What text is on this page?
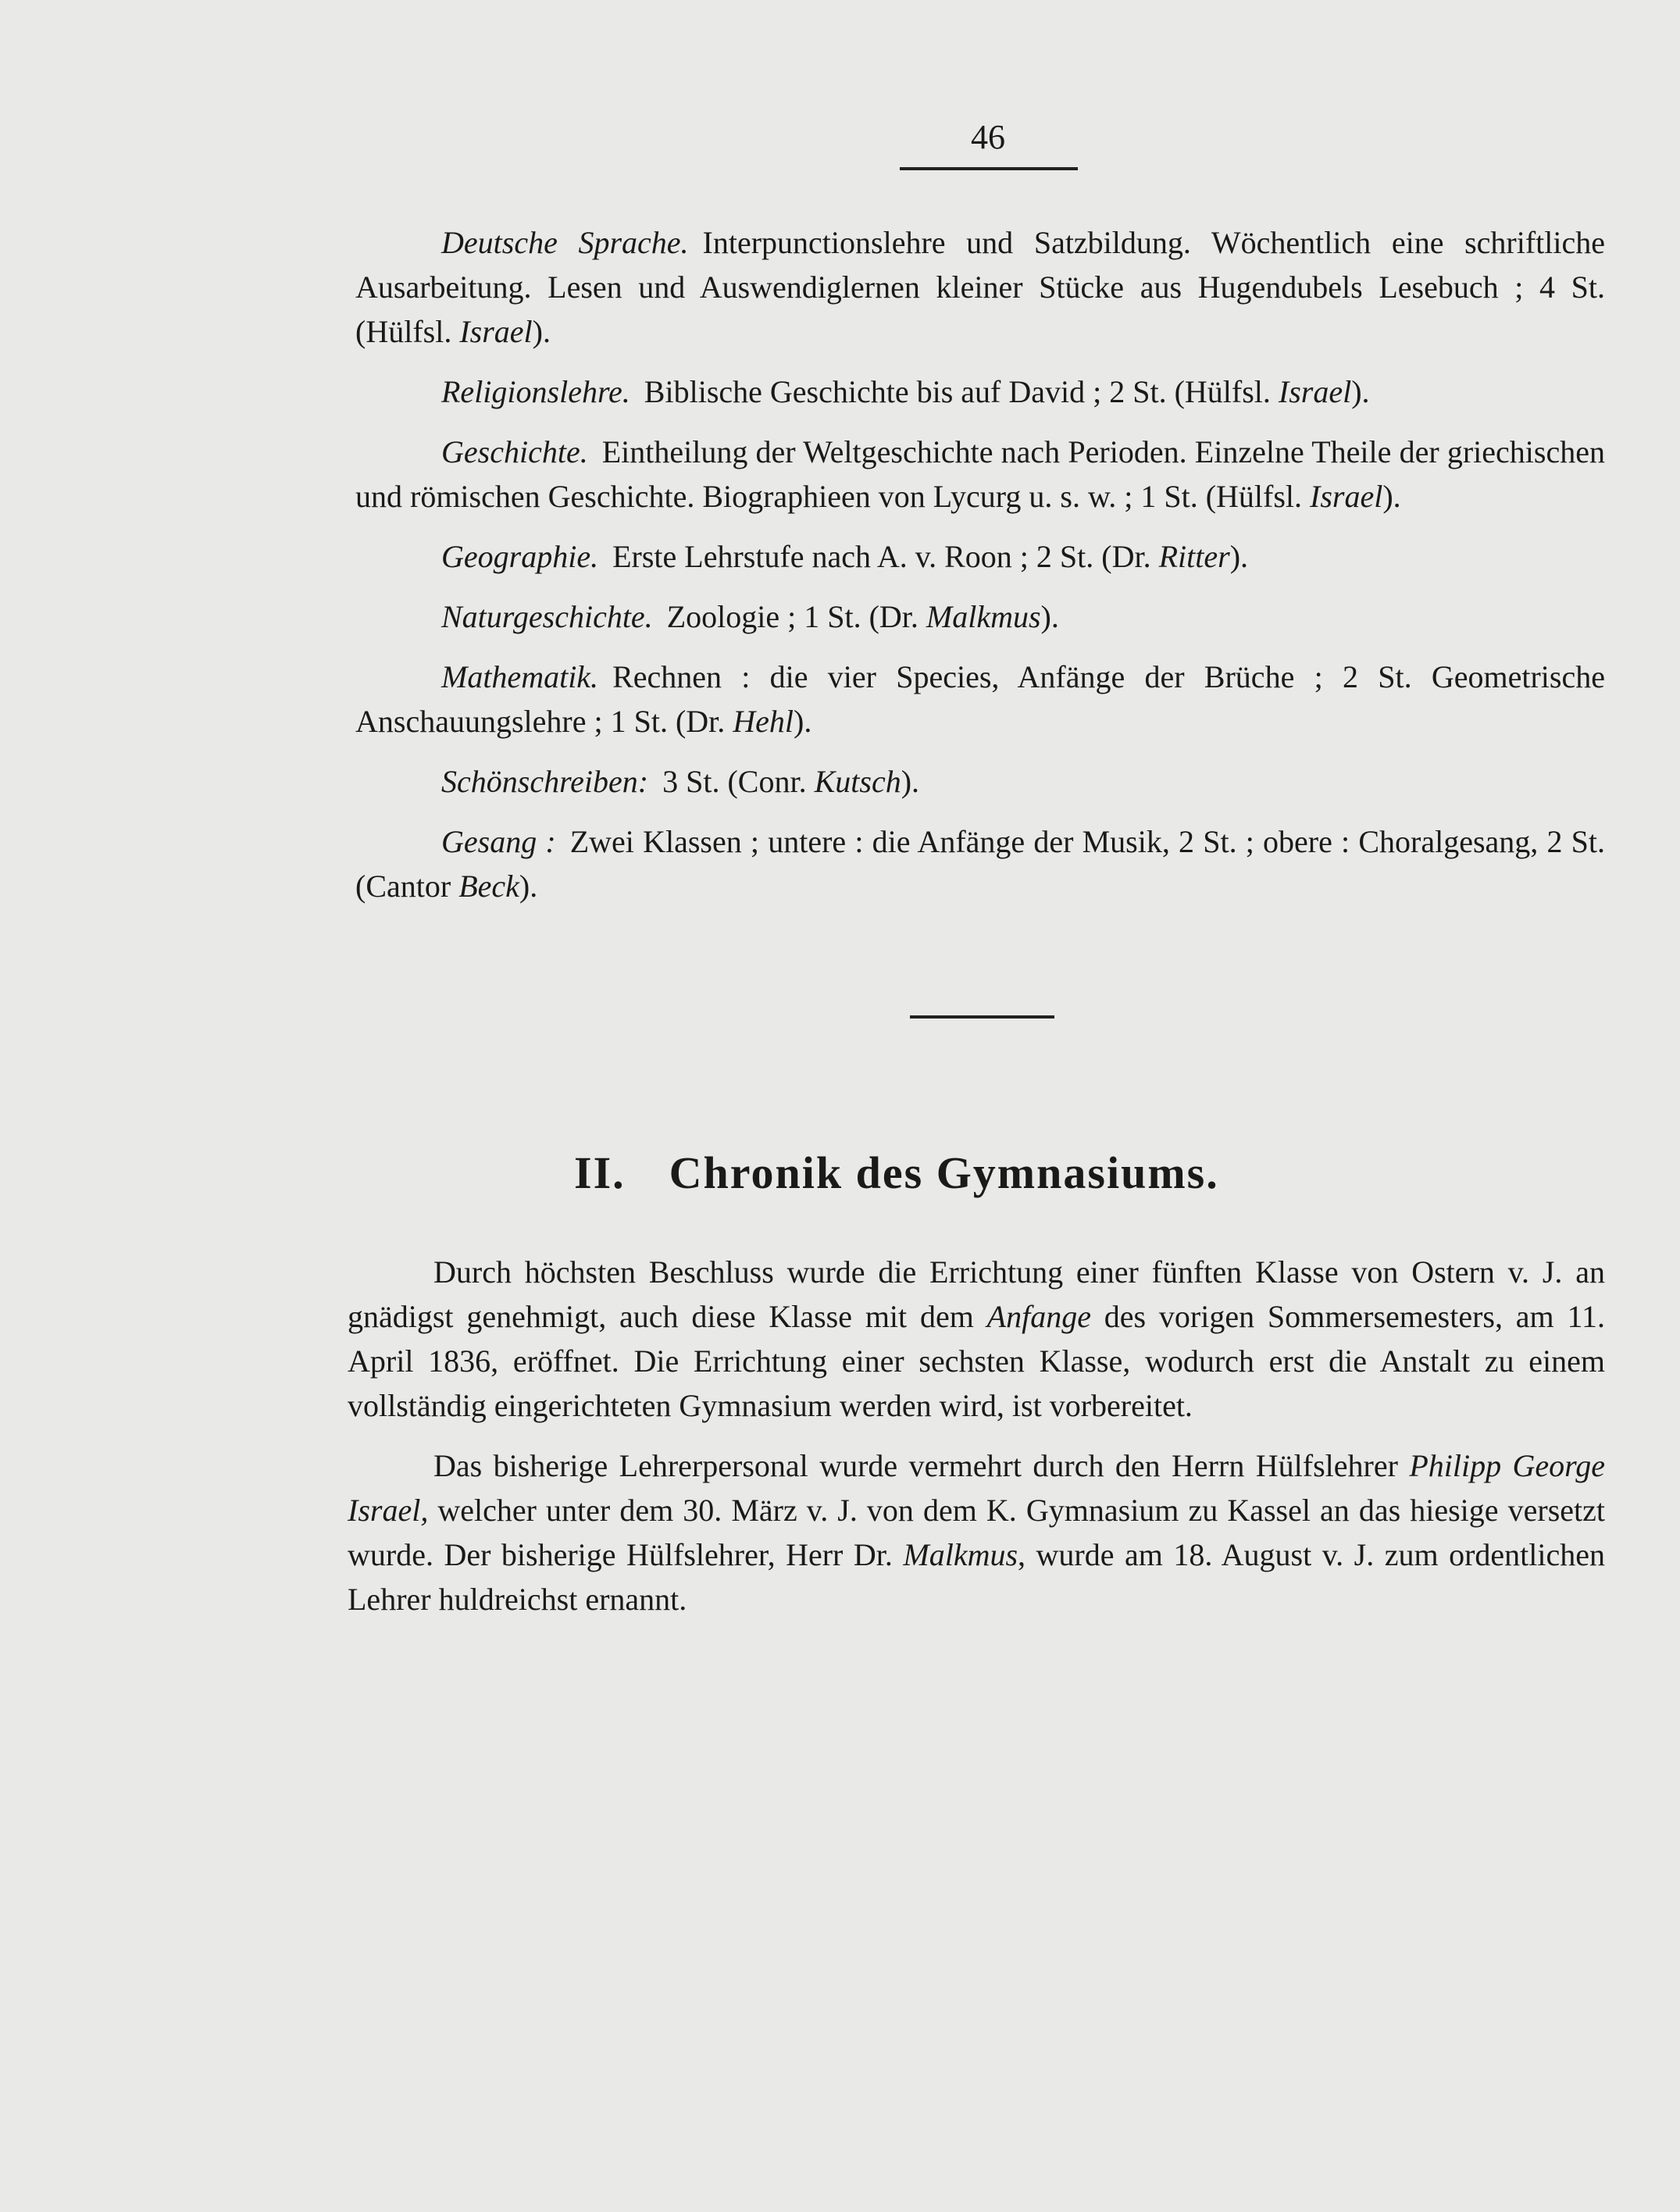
46
Deutsche Sprache. Interpunctionslehre und Satzbildung. Wöchentlich eine schriftliche Ausarbeitung. Lesen und Auswendiglernen kleiner Stücke aus Hugendubels Lesebuch ; 4 St. (Hülfsl. Israel).
Religionslehre. Biblische Geschichte bis auf David ; 2 St. (Hülfsl. Israel).
Geschichte. Eintheilung der Weltgeschichte nach Perioden. Einzelne Theile der griechischen und römischen Geschichte. Biographieen von Lycurg u. s. w. ; 1 St. (Hülfsl. Israel).
Geographie. Erste Lehrstufe nach A. v. Roon ; 2 St. (Dr. Ritter).
Naturgeschichte. Zoologie ; 1 St. (Dr. Malkmus).
Mathematik. Rechnen : die vier Species, Anfänge der Brüche ; 2 St. Geometrische Anschauungslehre ; 1 St. (Dr. Hehl).
Schönschreiben: 3 St. (Conr. Kutsch).
Gesang : Zwei Klassen ; untere : die Anfänge der Musik, 2 St. ; obere : Choralgesang, 2 St. (Cantor Beck).
II. Chronik des Gymnasiums.

Durch höchsten Beschluss wurde die Errichtung einer fünften Klasse von Ostern v. J. an gnädigst genehmigt, auch diese Klasse mit dem Anfange des vorigen Sommersemesters, am 11. April 1836, eröffnet. Die Errichtung einer sechsten Klasse, wodurch erst die Anstalt zu einem vollständig eingerichteten Gymnasium werden wird, ist vorbereitet.

Das bisherige Lehrerpersonal wurde vermehrt durch den Herrn Hülfslehrer Philipp George Israel, welcher unter dem 30. März v. J. von dem K. Gymnasium zu Kassel an das hiesige versetzt wurde. Der bisherige Hülfslehrer, Herr Dr. Malkmus, wurde am 18. August v. J. zum ordentlichen Lehrer huldreichst ernannt.
